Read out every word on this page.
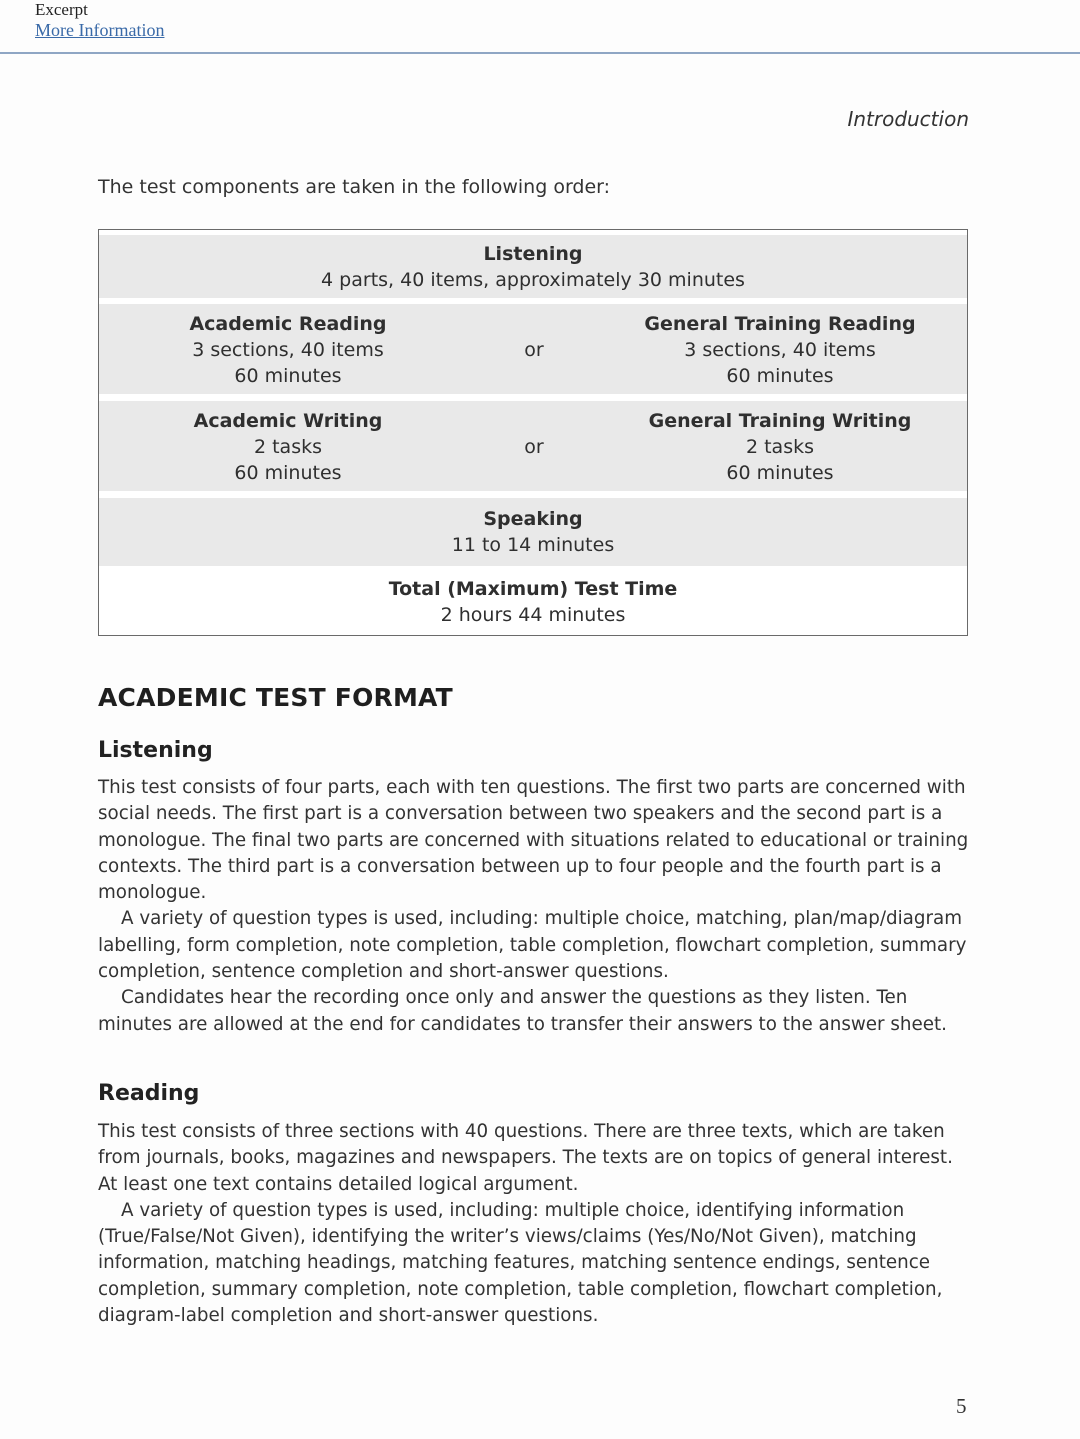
Excerpt
More Information
Introduction
The test components are taken in the following order:
Listening
4 parts, 40 items, approximately 30 minutes
Academic Reading
3 sections, 40 items
60 minutes
or
General Training Reading
3 sections, 40 items
60 minutes
Academic Writing
2 tasks
60 minutes
or
General Training Writing
2 tasks
60 minutes
Speaking
11 to 14 minutes
Total (Maximum) Test Time
2 hours 44 minutes
ACADEMIC TEST FORMAT
Listening

This test consists of four parts, each with ten questions. The first two parts are concerned with social needs. The first part is a conversation between two speakers and the second part is a monologue. The final two parts are concerned with situations related to educational or training contexts. The third part is a conversation between up to four people and the fourth part is a monologue.

A variety of question types is used, including: multiple choice, matching, plan/map/diagram labelling, form completion, note completion, table completion, flowchart completion, summary completion, sentence completion and short-answer questions.

Candidates hear the recording once only and answer the questions as they listen. Ten minutes are allowed at the end for candidates to transfer their answers to the answer sheet.

Reading

This test consists of three sections with 40 questions. There are three texts, which are taken from journals, books, magazines and newspapers. The texts are on topics of general interest. At least one text contains detailed logical argument.

A variety of question types is used, including: multiple choice, identifying information (True/False/Not Given), identifying the writer’s views/claims (Yes/No/Not Given), matching information, matching headings, matching features, matching sentence endings, sentence completion, summary completion, note completion, table completion, flowchart completion, diagram-label completion and short-answer questions.

5
